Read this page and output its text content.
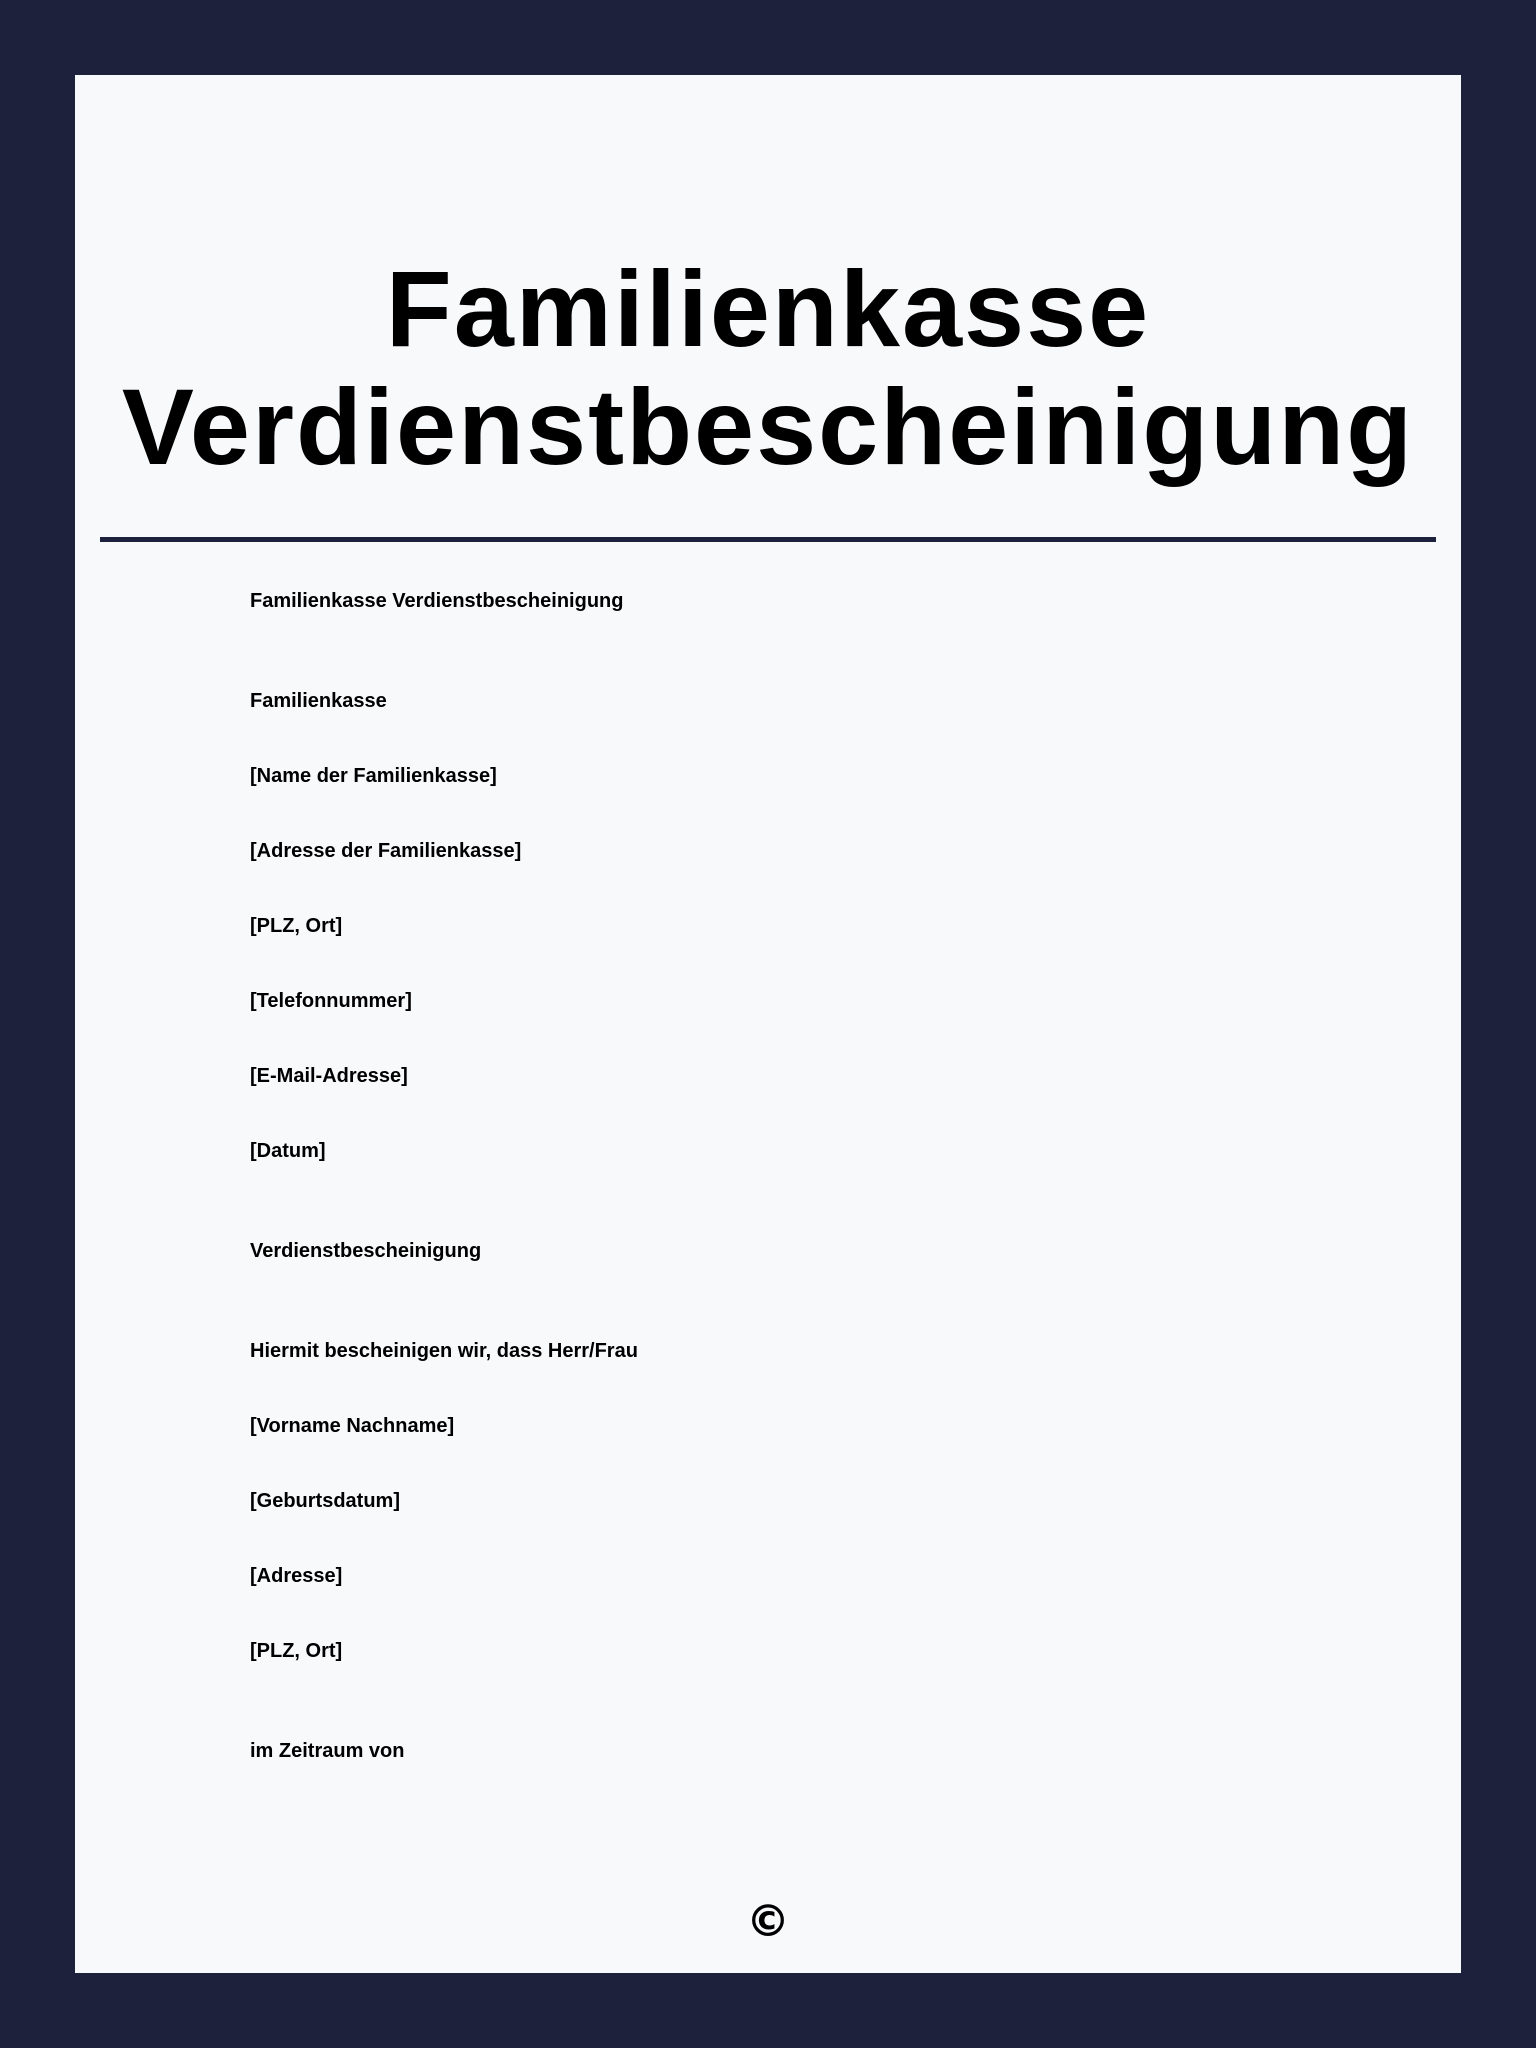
Familienkasse
Verdienstbescheinigung
Familienkasse Verdienstbescheinigung
Familienkasse
[Name der Familienkasse]
[Adresse der Familienkasse]
[PLZ, Ort]
[Telefonnummer]
[E-Mail-Adresse]
[Datum]
Verdienstbescheinigung
Hiermit bescheinigen wir, dass Herr/Frau
[Vorname Nachname]
[Geburtsdatum]
[Adresse]
[PLZ, Ort]
im Zeitraum von
©
